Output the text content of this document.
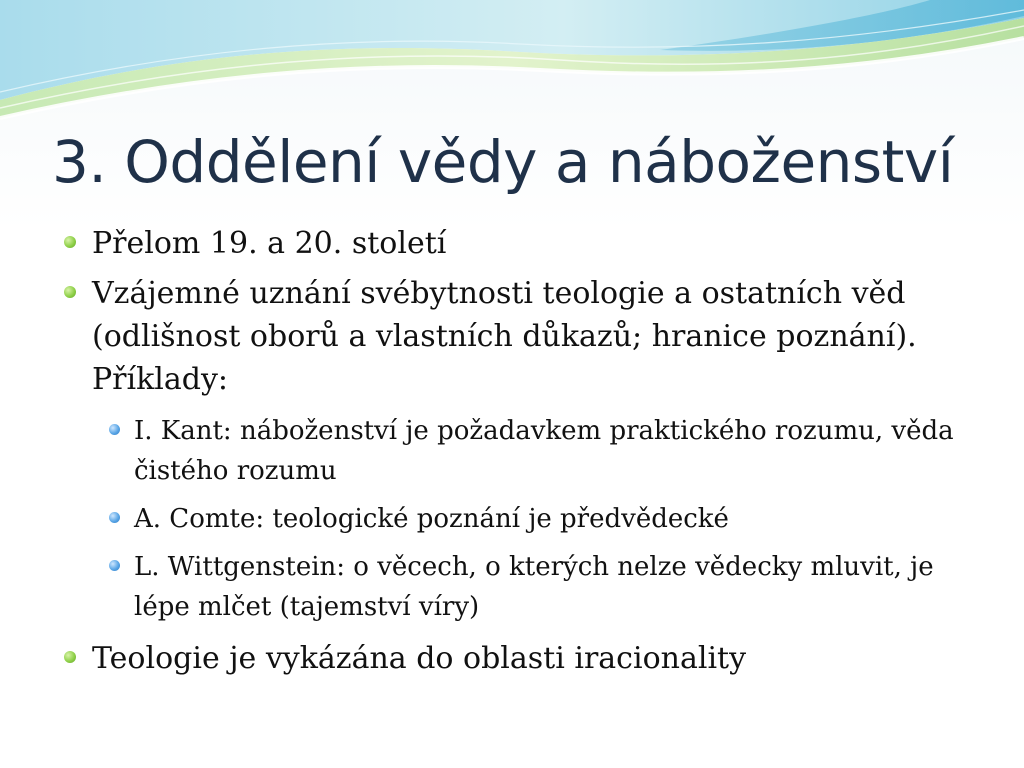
3. Oddělení vědy a náboženství

Přelom 19. a 20. století

Vzájemné uznání svébytnosti teologie a ostatních věd (odlišnost oborů a vlastních důkazů; hranice poznání). Příklady:

I. Kant: náboženství je požadavkem praktického rozumu, věda čistého rozumu

A. Comte: teologické poznání je předvědecké

L. Wittgenstein: o věcech, o kterých nelze vědecky mluvit, je lépe mlčet (tajemství víry)

Teologie je vykázána do oblasti iracionality
